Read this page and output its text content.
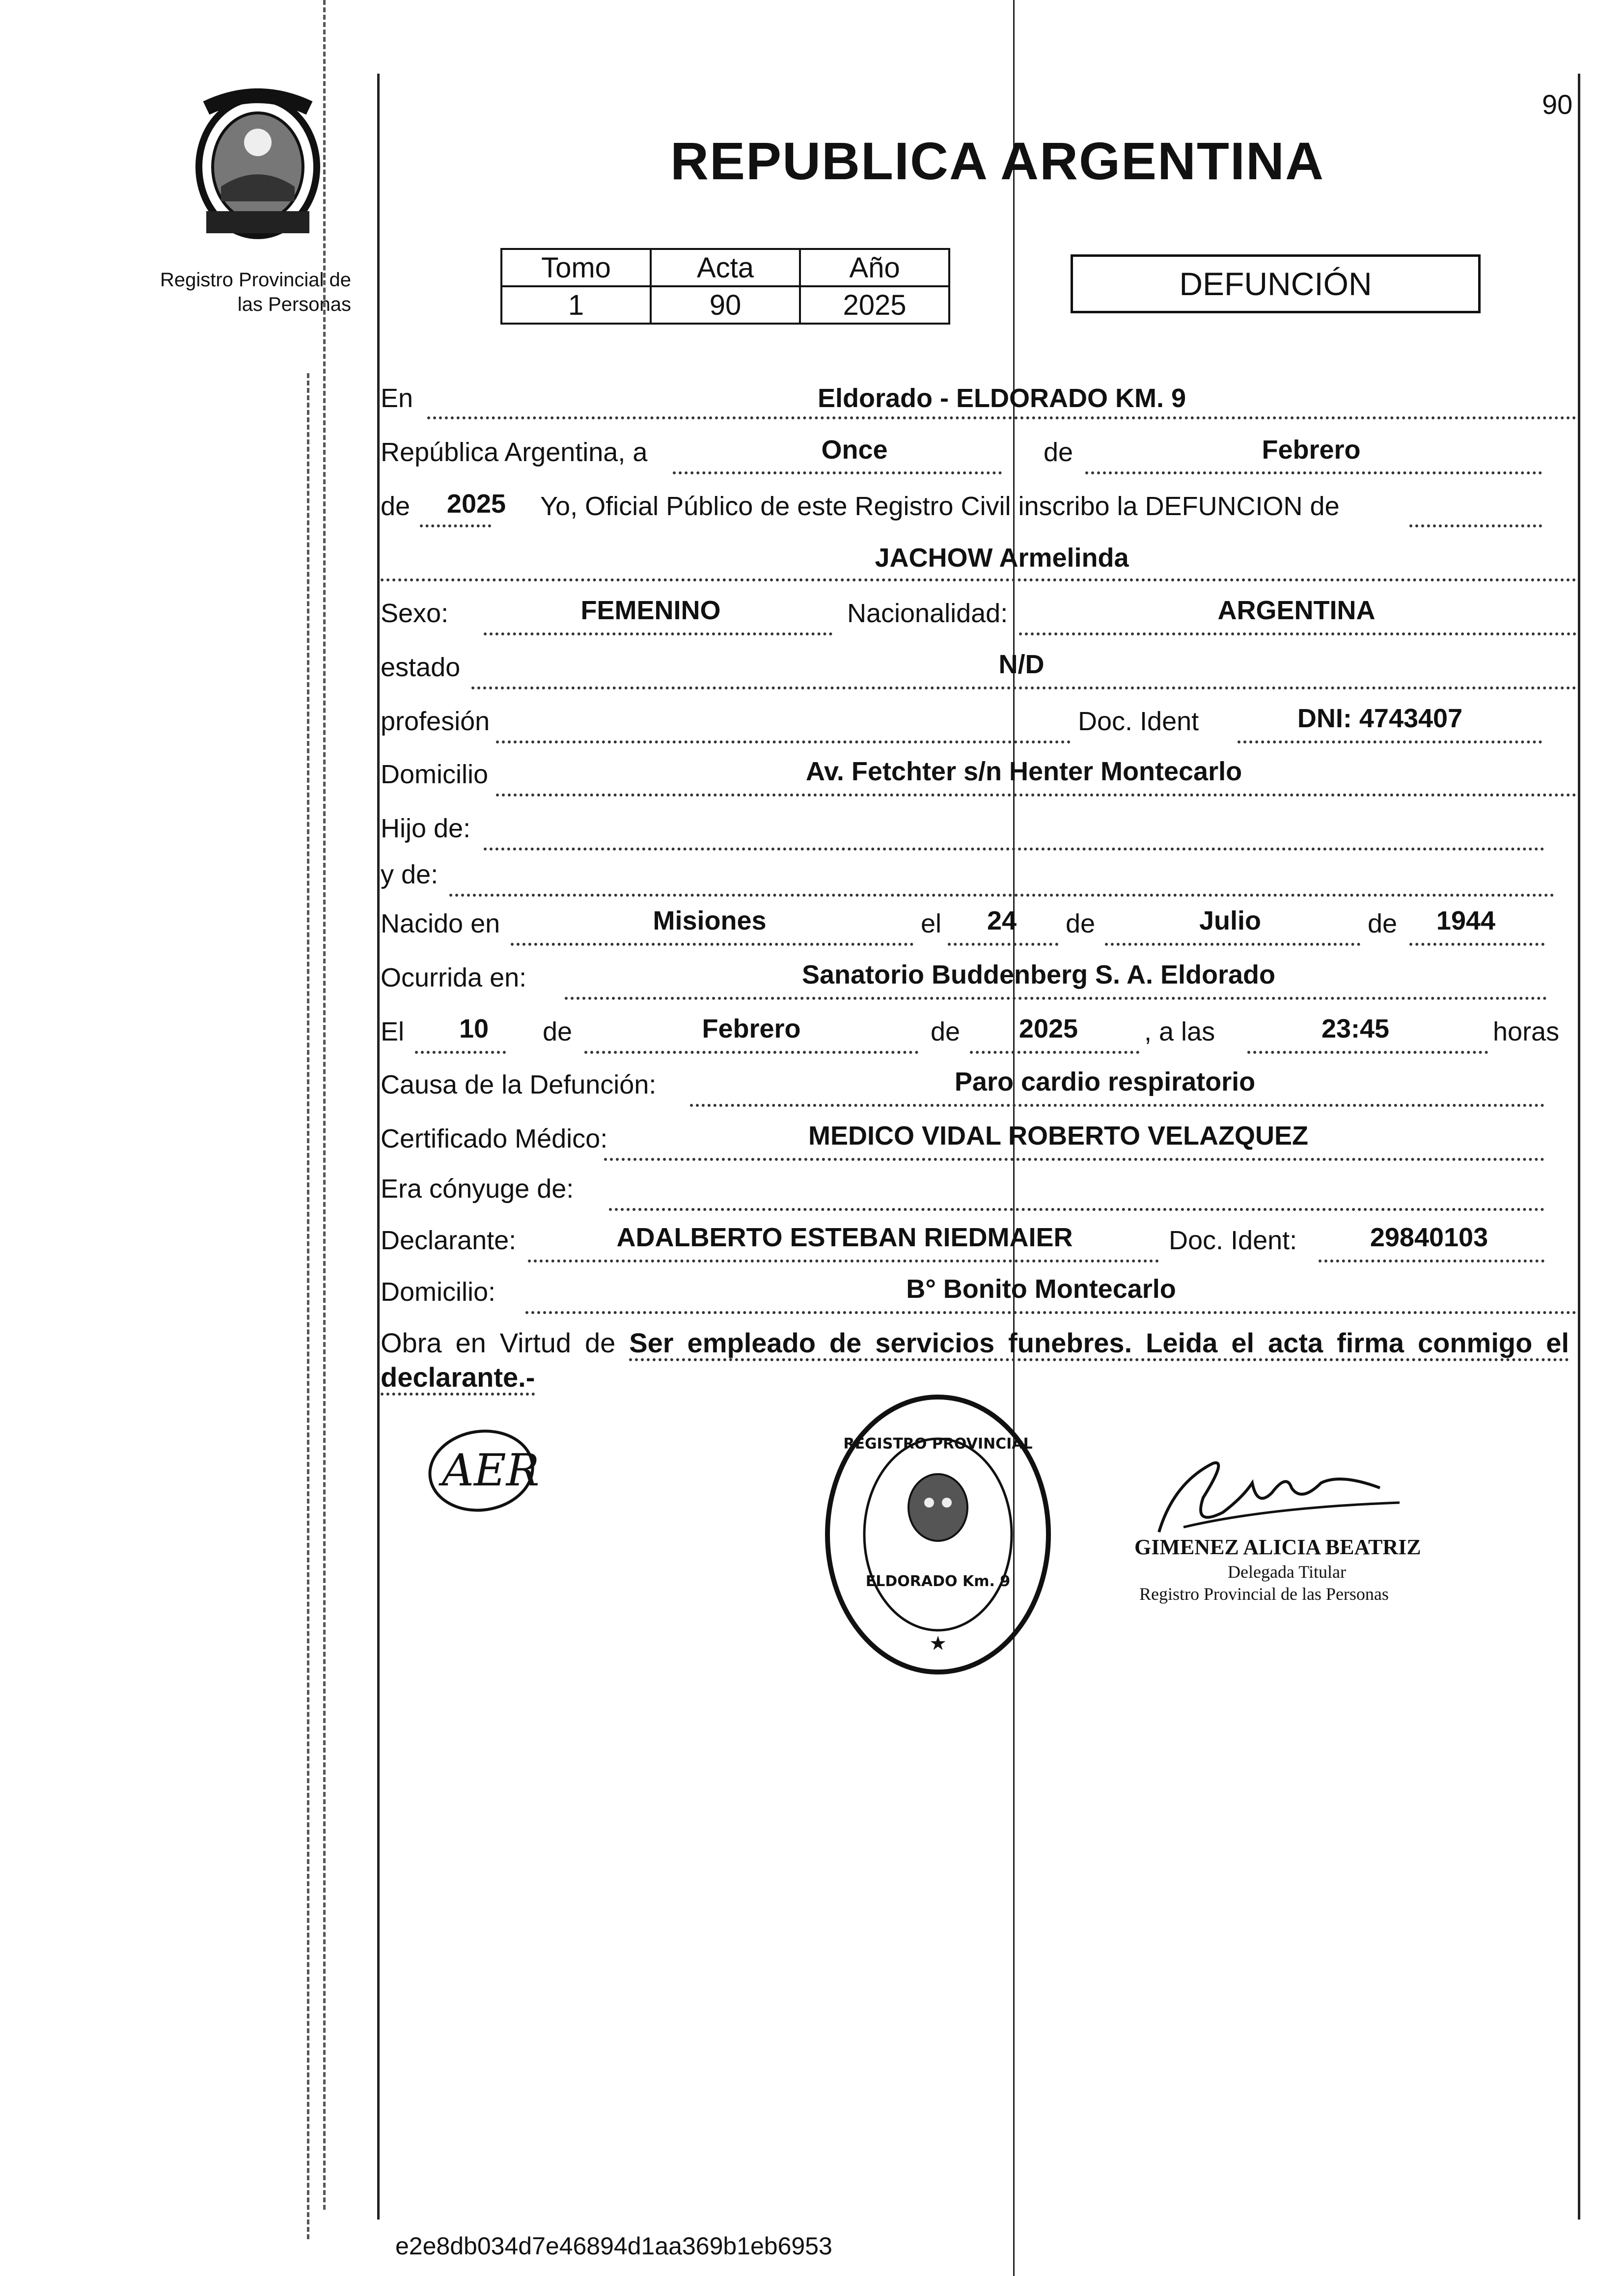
90
Registro Provincial de
las Personas
REPUBLICA ARGENTINA
Tomo	Acta	Año
1	90	2025
DEFUNCIÓN
En	Eldorado - ELDORADO KM. 9
República Argentina, a	Once	de	Febrero
de 2025 Yo, Oficial Público de este Registro Civil inscribo la DEFUNCION de
JACHOW Armelinda
Sexo:	FEMENINO	Nacionalidad:	ARGENTINA
estado	N/D
profesión	Doc. Ident	DNI: 4743407
Domicilio	Av. Fetchter s/n Henter Montecarlo
Hijo de:
y de:
Nacido en	Misiones	el 24 de	Julio	de 1944
Ocurrida en:	Sanatorio Buddenberg S. A. Eldorado
El 10 de	Febrero	de 2025 , a las	23:45	horas
Causa de la Defunción:	Paro cardio respiratorio
Certificado Médico:	MEDICO VIDAL ROBERTO VELAZQUEZ
Era cónyuge de:
Declarante:	ADALBERTO ESTEBAN RIEDMAIER	Doc. Ident:	29840103
Domicilio:	B° Bonito Montecarlo
Obra en Virtud de Ser empleado de servicios funebres. Leida el acta firma conmigo el declarante.-
AER
REGISTRO PROVINCIAL
ELDORADO Km. 9
★
GIMENEZ ALICIA BEATRIZ
Delegada Titular
Registro Provincial de las Personas
e2e8db034d7e46894d1aa369b1eb6953
